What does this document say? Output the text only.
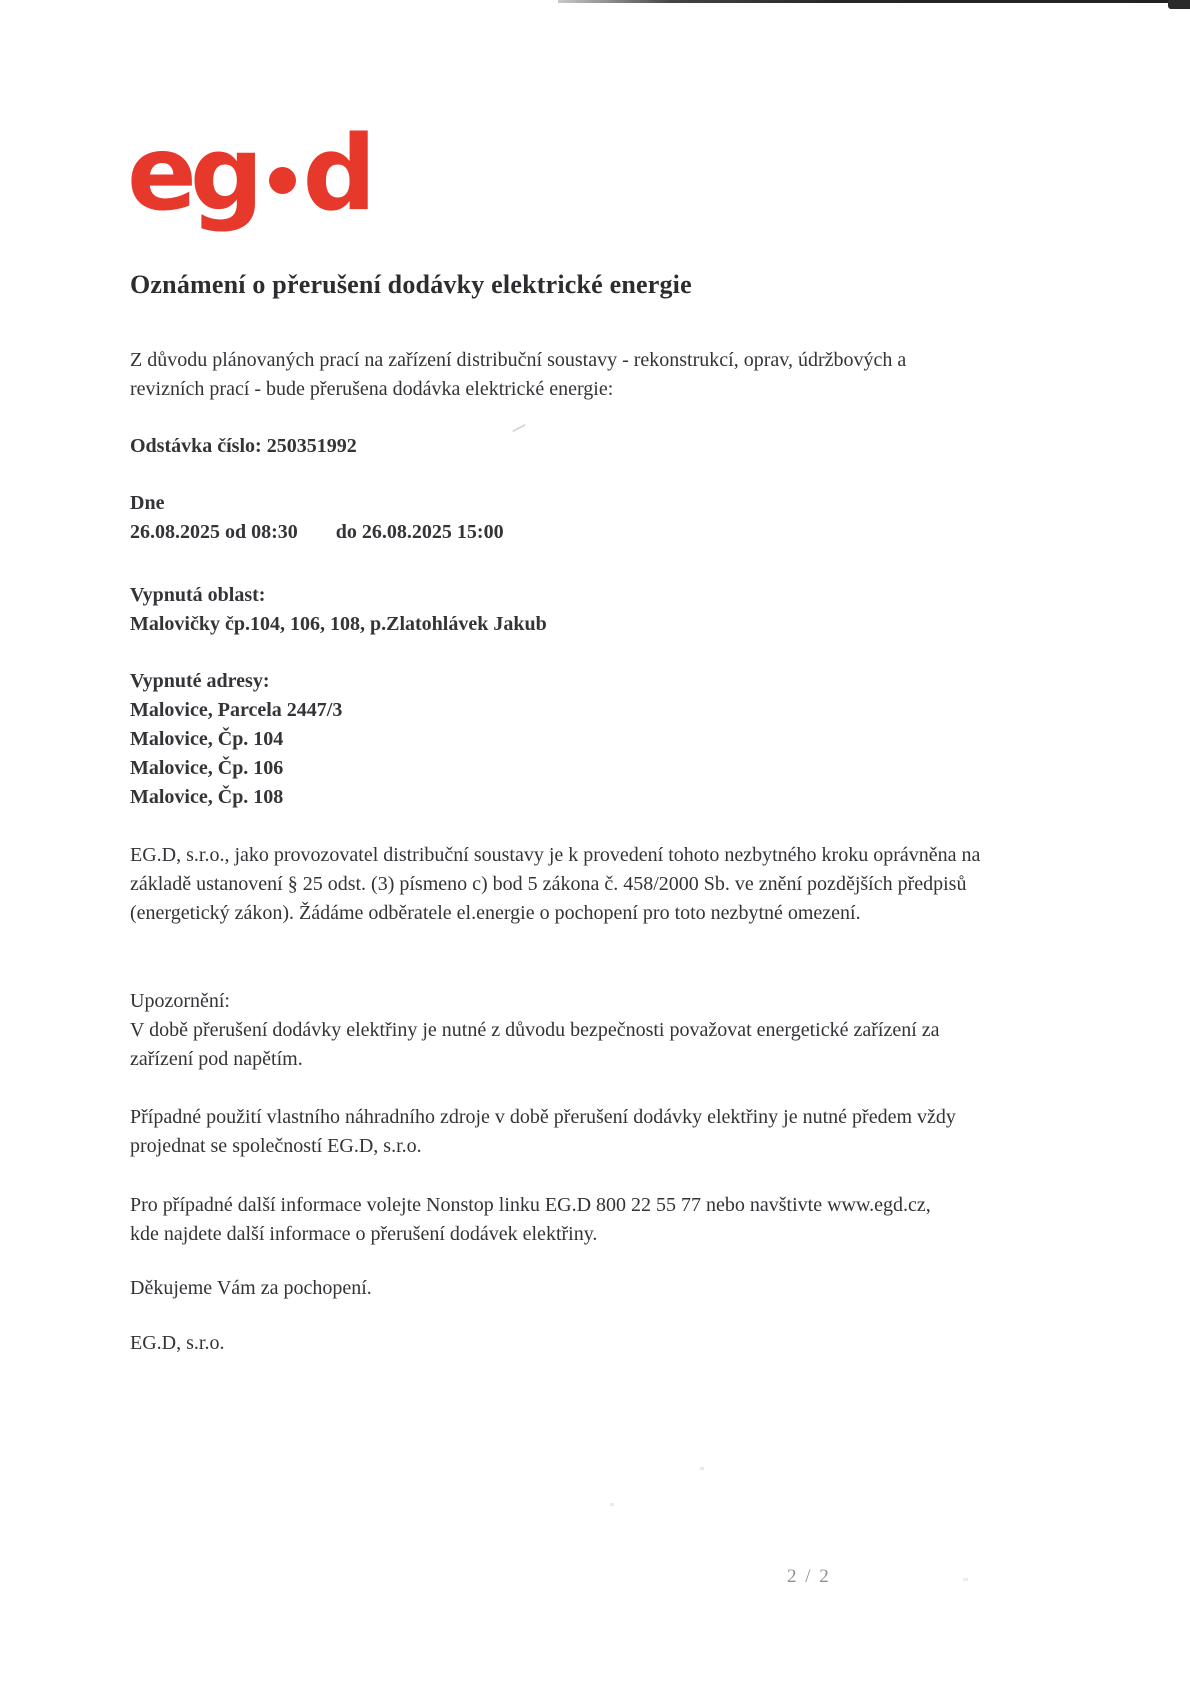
eg d
Oznámení o přerušení dodávky elektrické energie
Z důvodu plánovaných prací na zařízení distribuční soustavy - rekonstrukcí, oprav, údržbových a revizních prací - bude přerušena dodávka elektrické energie:
Odstávka číslo: 250351992
Dne
26.08.2025 od 08:30 do 26.08.2025 15:00
Vypnutá oblast:
Malovičky čp.104, 106, 108, p.Zlatohlávek Jakub
Vypnuté adresy:
Malovice, Parcela 2447/3
Malovice, Čp. 104
Malovice, Čp. 106
Malovice, Čp. 108
EG.D, s.r.o., jako provozovatel distribuční soustavy je k provedení tohoto nezbytného kroku oprávněna na základě ustanovení § 25 odst. (3) písmeno c) bod 5 zákona č. 458/2000 Sb. ve znění pozdějších předpisů (energetický zákon). Žádáme odběratele el.energie o pochopení pro toto nezbytné omezení.
Upozornění:
V době přerušení dodávky elektřiny je nutné z důvodu bezpečnosti považovat energetické zařízení za zařízení pod napětím.
Případné použití vlastního náhradního zdroje v době přerušení dodávky elektřiny je nutné předem vždy projednat se společností EG.D, s.r.o.
Pro případné další informace volejte Nonstop linku EG.D 800 22 55 77 nebo navštivte www.egd.cz, kde najdete další informace o přerušení dodávek elektřiny.
Děkujeme Vám za pochopení.
EG.D, s.r.o.
2 / 2
